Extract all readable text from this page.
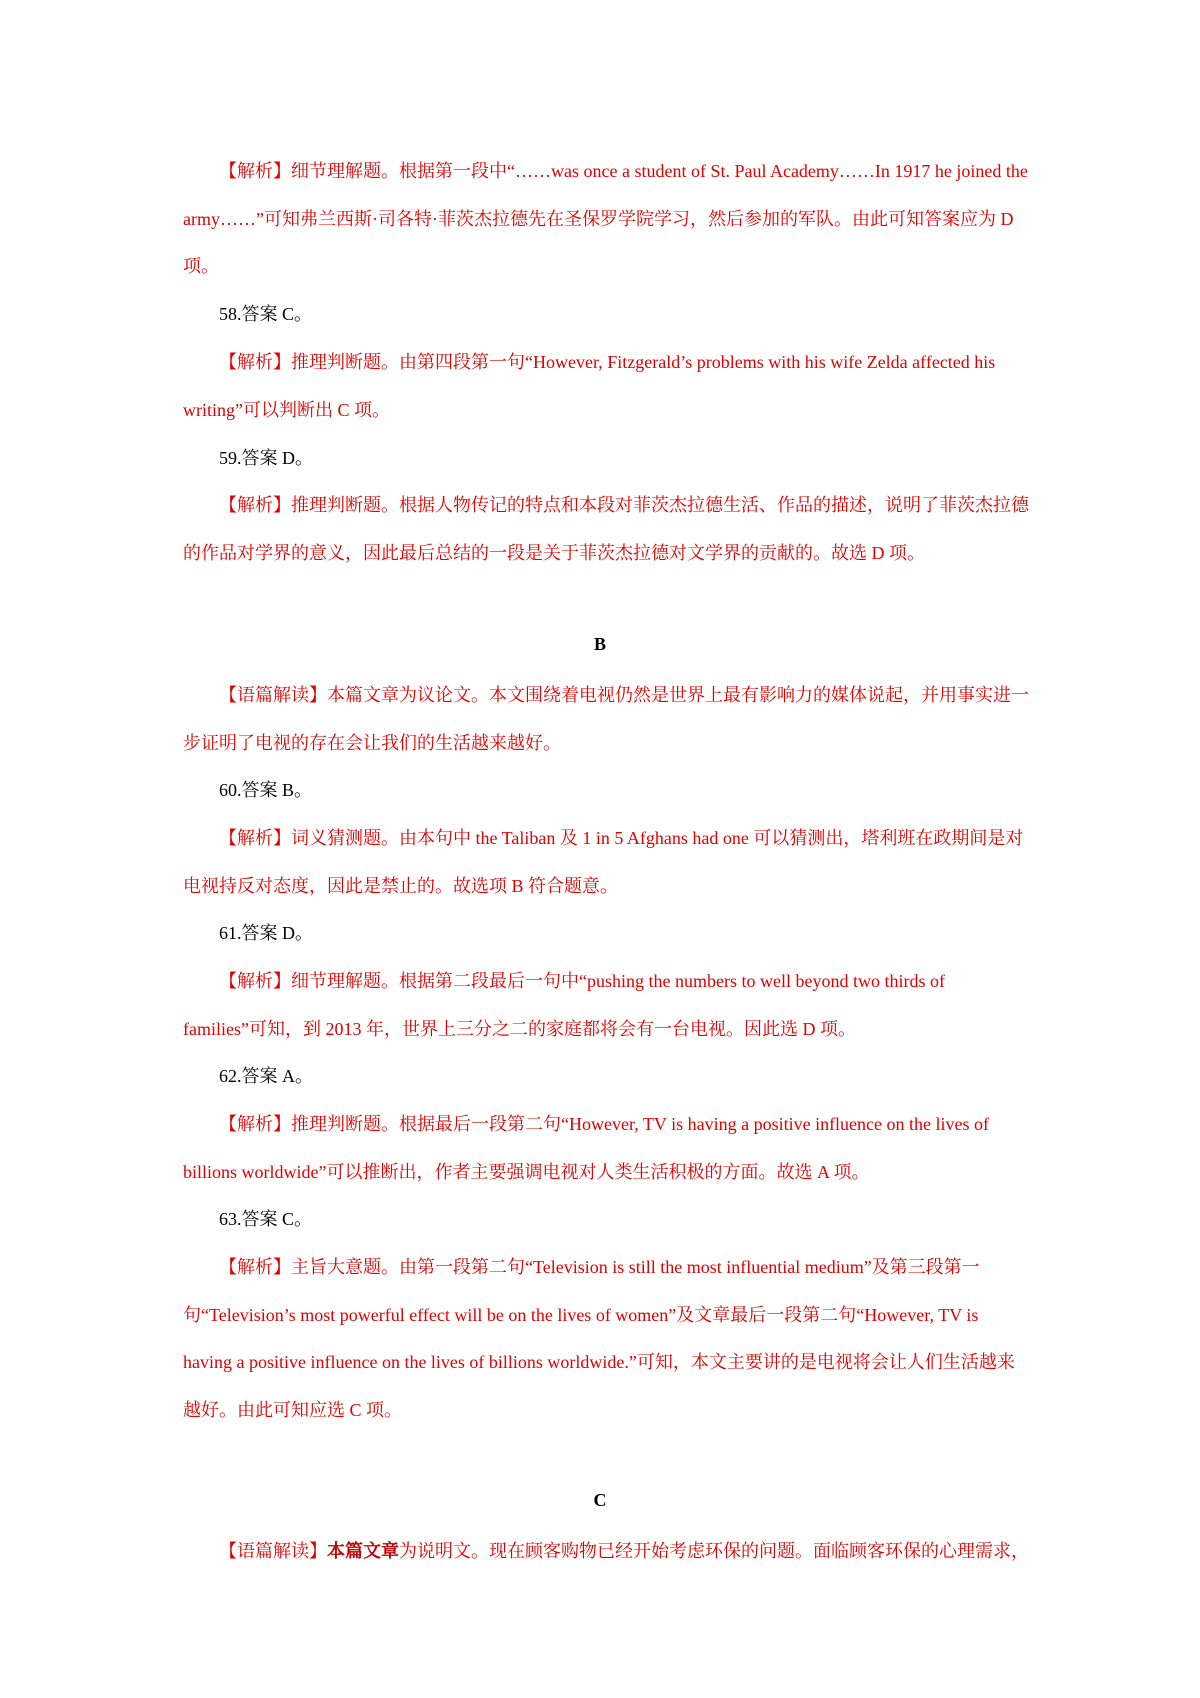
【解析】细节理解题。根据第一段中“……was once a student of St. Paul Academy……In 1917 he joined the army……”可知弗兰西斯·司各特·菲茨杰拉德先在圣保罗学院学习，然后参加的军队。由此可知答案应为 D 项。

58.答案 C。

【解析】推理判断题。由第四段第一句“However, Fitzgerald’s problems with his wife Zelda affected his writing”可以判断出 C 项。

59.答案 D。

【解析】推理判断题。根据人物传记的特点和本段对菲茨杰拉德生活、作品的描述，说明了菲茨杰拉德的作品对学界的意义，因此最后总结的一段是关于菲茨杰拉德对文学界的贡献的。故选 D 项。

B

【语篇解读】本篇文章为议论文。本文围绕着电视仍然是世界上最有影响力的媒体说起，并用事实进一步证明了电视的存在会让我们的生活越来越好。

60.答案 B。

【解析】词义猜测题。由本句中 the Taliban 及 1 in 5 Afghans had one 可以猜测出，塔利班在政期间是对电视持反对态度，因此是禁止的。故选项 B 符合题意。

61.答案 D。

【解析】细节理解题。根据第二段最后一句中“pushing the numbers to well beyond two thirds of families”可知，到 2013 年，世界上三分之二的家庭都将会有一台电视。因此选 D 项。

62.答案 A。

【解析】推理判断题。根据最后一段第二句“However, TV is having a positive influence on the lives of billions worldwide”可以推断出，作者主要强调电视对人类生活积极的方面。故选 A 项。

63.答案 C。

【解析】主旨大意题。由第一段第二句“Television is still the most influential medium”及第三段第一句“Television’s most powerful effect will be on the lives of women”及文章最后一段第二句“However, TV is having a positive influence on the lives of billions worldwide.”可知，本文主要讲的是电视将会让人们生活越来越好。由此可知应选 C 项。

C

【语篇解读】本篇文章为说明文。现在顾客购物已经开始考虑环保的问题。面临顾客环保的心理需求，
